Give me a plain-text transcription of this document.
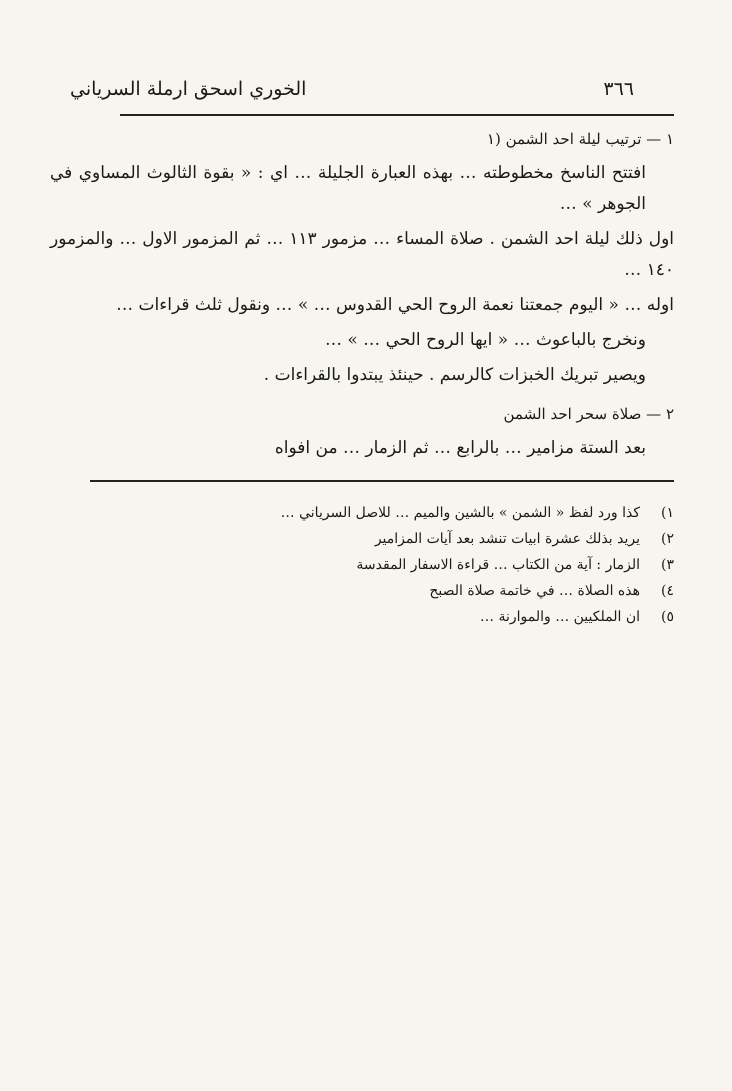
٣٦٦
الخوري اسحق ارملة السرياني
١ — ترتيب ليلة احد الشمن (١

افتتح الناسخ مخطوطته … بهذه العبارة الجليلة … اي : « بقوة الثالوث المساوي في الجوهر » …

اول ذلك ليلة احد الشمن . صلاة المساء … مزمور ١١٣ … ثم المزمور الاول … والمزمور ١٤٠ …

اوله … « اليوم جمعتنا نعمة الروح الحي القدوس … » … ونقول ثلث قراءات …

ونخرج بالباعوث … « ايها الروح الحي … » …

ويصير تبريك الخبزات كالرسم . حينئذ يبتدوا بالقراءات .

٢ — صلاة سحر احد الشمن

بعد الستة مزامير … بالرابع … ثم الزمار … من افواه

١)
كذا ورد لفظ « الشمن » بالشين والميم … للاصل السرياني …
٢)
يريد بذلك عشرة ابيات تنشد بعد آيات المزامير
٣)
الزمار : آية من الكتاب … قراءة الاسفار المقدسة
٤)
هذه الصلاة … في خاتمة صلاة الصبح
٥)
ان الملكيين … والموارنة …
